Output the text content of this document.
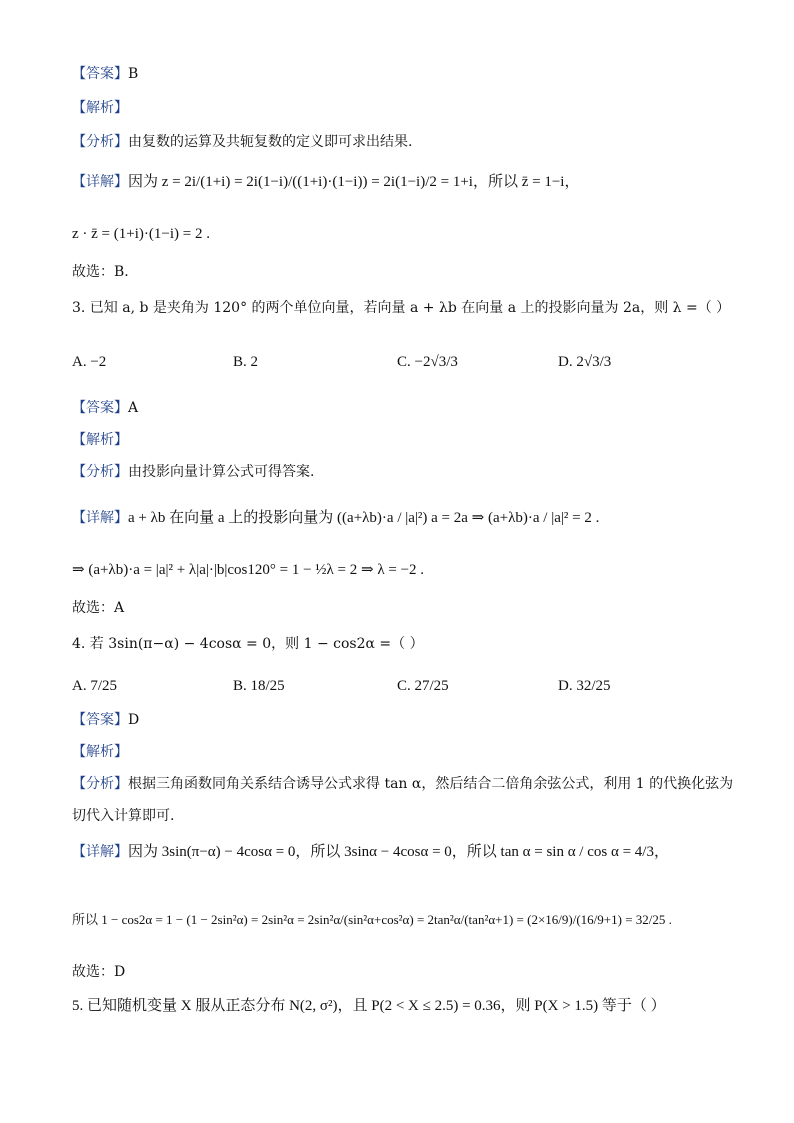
【答案】B
【解析】
【分析】由复数的运算及共轭复数的定义即可求出结果.
【详解】因为 z = 2i/(1+i) = 2i(1−i)/((1+i)·(1−i)) = 2i(1−i)/2 = 1+i，所以 z̄ = 1−i，
z · z̄ = (1+i)·(1−i) = 2 .
故选：B.
3. 已知 a, b 是夹角为 120° 的两个单位向量，若向量 a + λb 在向量 a 上的投影向量为 2a，则 λ =（ ）
A. −2	B. 2	C. −2√3/3	D. 2√3/3
【答案】A
【解析】
【分析】由投影向量计算公式可得答案.
【详解】a + λb 在向量 a 上的投影向量为 ((a+λb)·a / |a|²) a = 2a ⇒ (a+λb)·a / |a|² = 2 .
⇒ (a+λb)·a = |a|² + λ|a|·|b|cos120° = 1 − ½λ = 2 ⇒ λ = −2 .
故选：A
4. 若 3sin(π−α) − 4cosα = 0，则 1 − cos2α =（ ）
A. 7/25	B. 18/25	C. 27/25	D. 32/25
【答案】D
【解析】
【分析】根据三角函数同角关系结合诱导公式求得 tan α，然后结合二倍角余弦公式，利用 1 的代换化弦为
切代入计算即可.
【详解】因为 3sin(π−α) − 4cosα = 0，所以 3sinα − 4cosα = 0，所以 tan α = sin α / cos α = 4/3，
所以 1 − cos2α = 1 − (1 − 2sin²α) = 2sin²α = 2sin²α/(sin²α+cos²α) = 2tan²α/(tan²α+1) = (2×16/9)/(16/9+1) = 32/25 .
故选：D
5. 已知随机变量 X 服从正态分布 N(2, σ²)，且 P(2 < X ≤ 2.5) = 0.36，则 P(X > 1.5) 等于（ ）
